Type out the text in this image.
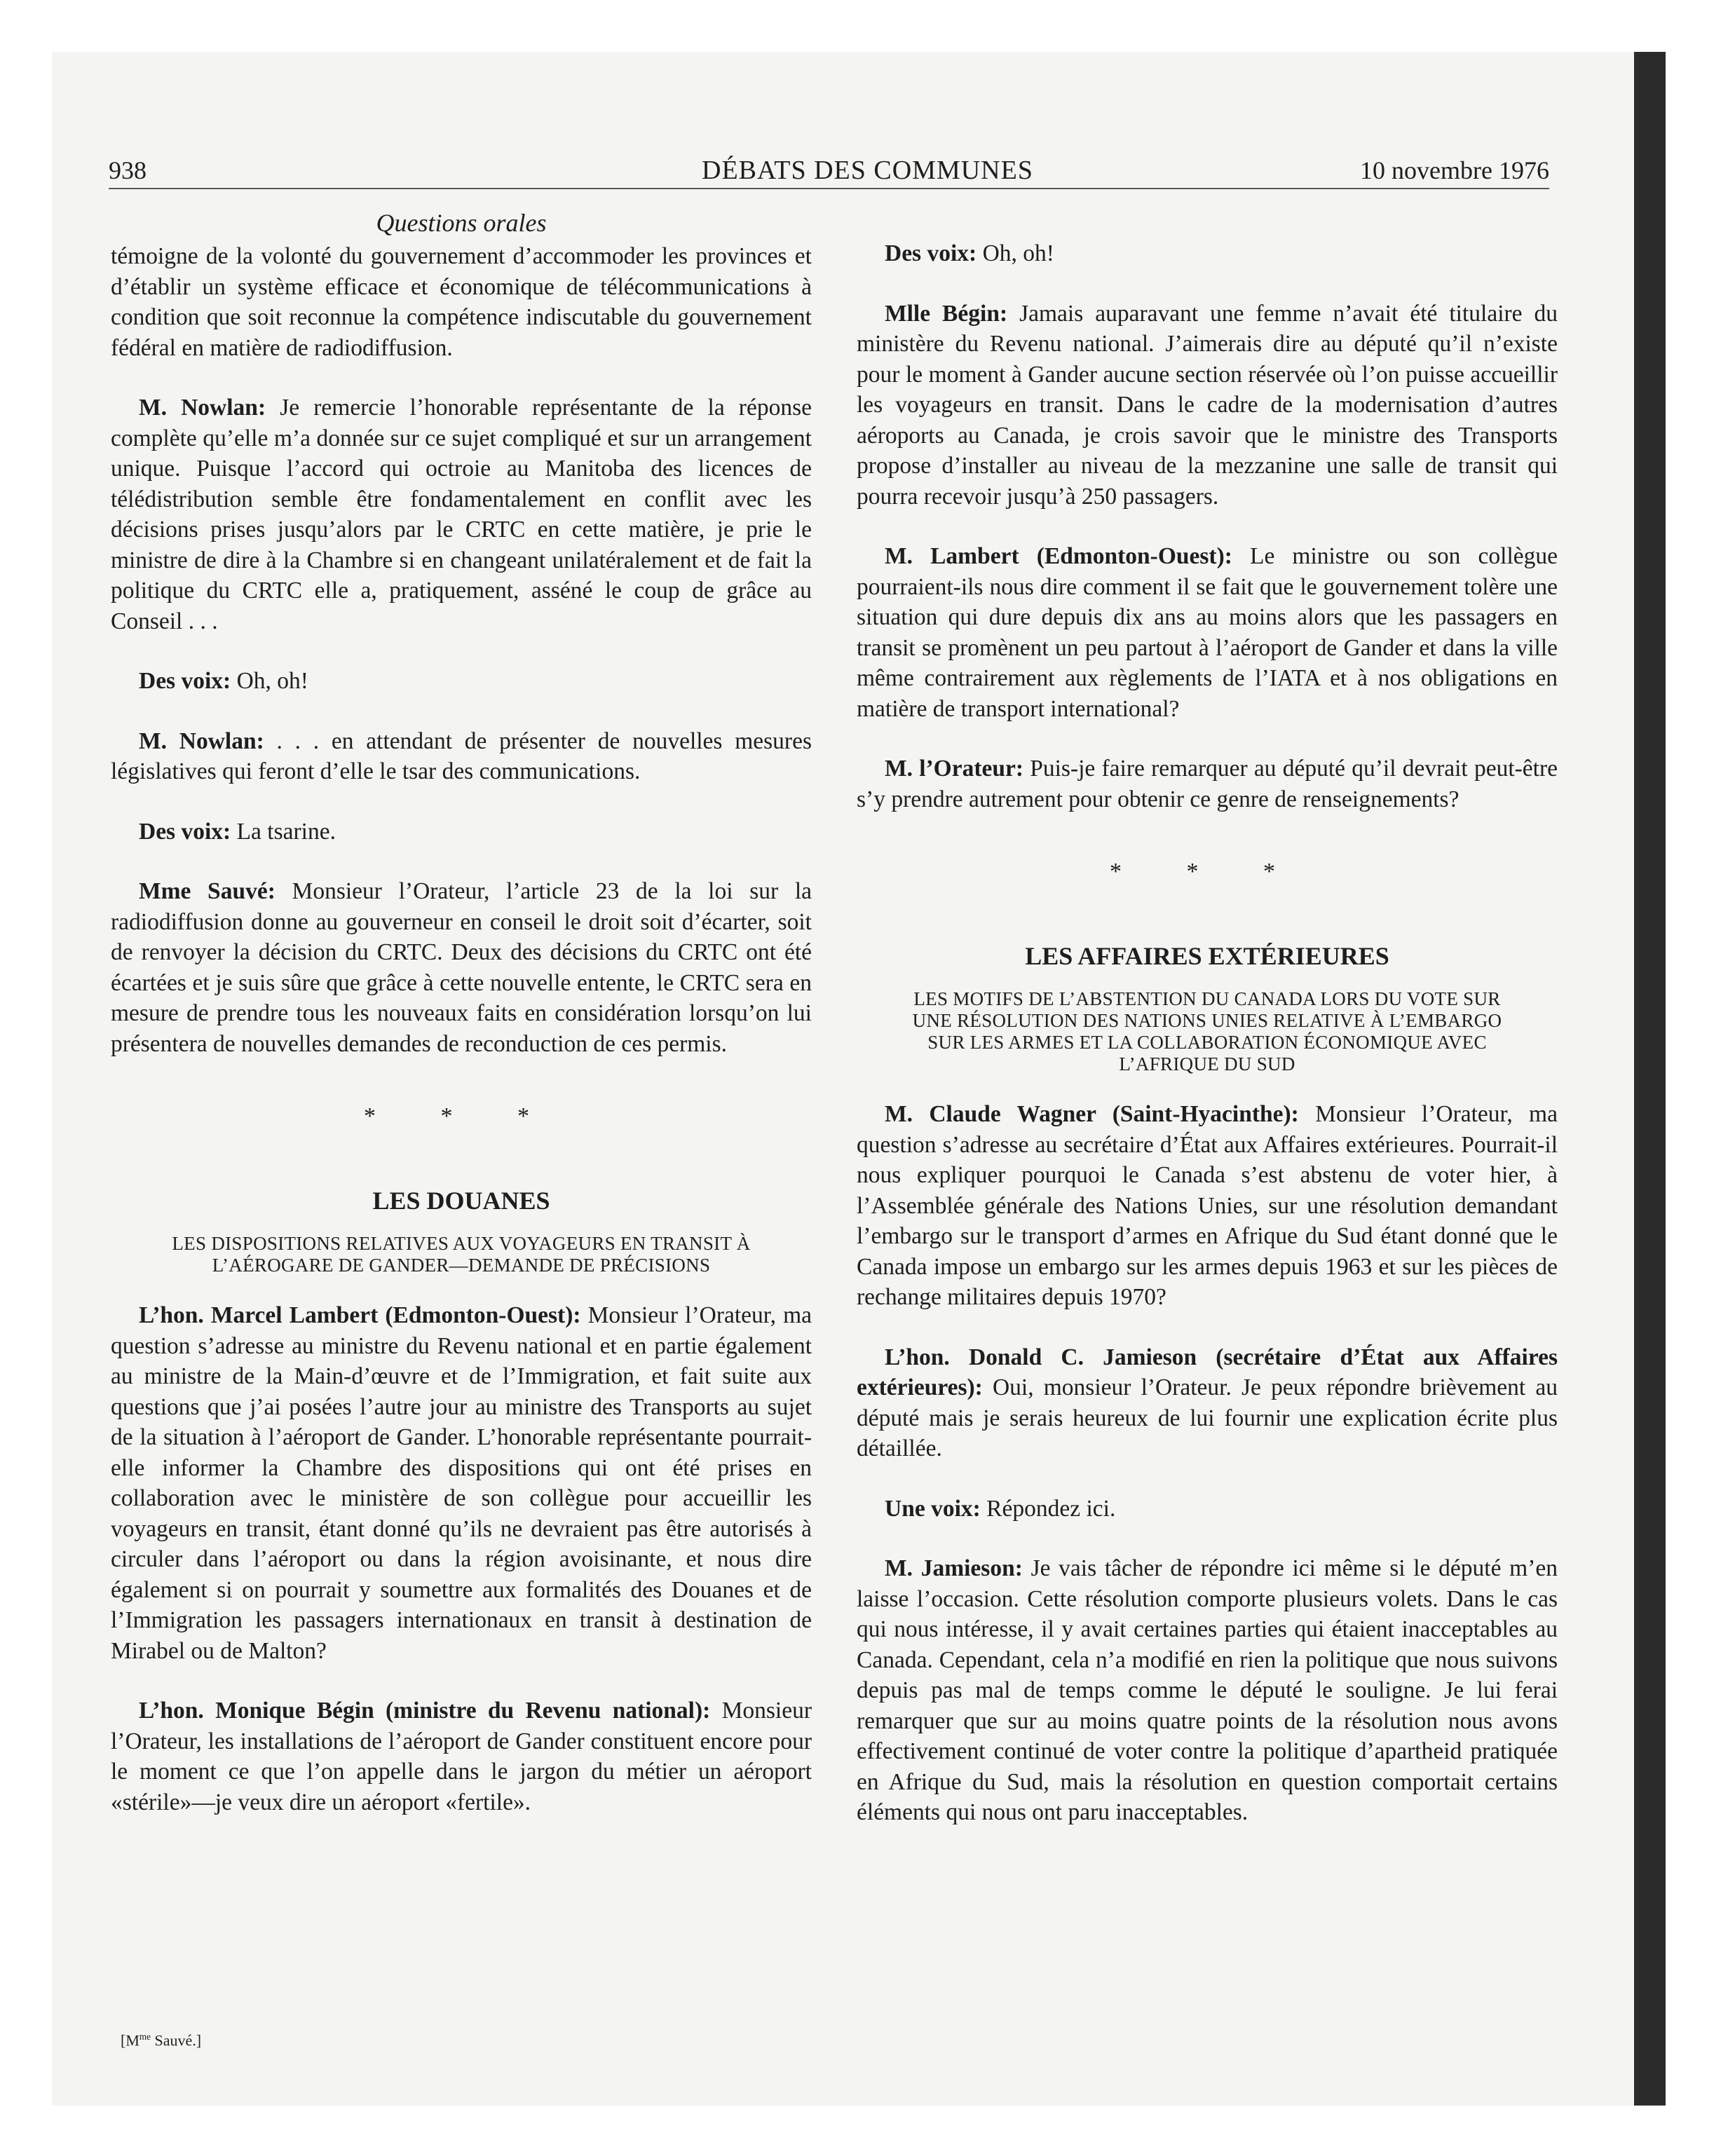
938	DÉBATS DES COMMUNES	10 novembre 1976
Questions orales

témoigne de la volonté du gouvernement d’accommoder les provinces et d’établir un système efficace et économique de télécommunications à condition que soit reconnue la compétence indiscutable du gouvernement fédéral en matière de radiodiffusion.

M. Nowlan: Je remercie l’honorable représentante de la réponse complète qu’elle m’a donnée sur ce sujet compliqué et sur un arrangement unique. Puisque l’accord qui octroie au Manitoba des licences de télédistribution semble être fondamentalement en conflit avec les décisions prises jusqu’alors par le CRTC en cette matière, je prie le ministre de dire à la Chambre si en changeant unilatéralement et de fait la politique du CRTC elle a, pratiquement, asséné le coup de grâce au Conseil . . .

Des voix: Oh, oh!

M. Nowlan: . . . en attendant de présenter de nouvelles mesures législatives qui feront d’elle le tsar des communications.

Des voix: La tsarine.

Mme Sauvé: Monsieur l’Orateur, l’article 23 de la loi sur la radiodiffusion donne au gouverneur en conseil le droit soit d’écarter, soit de renvoyer la décision du CRTC. Deux des décisions du CRTC ont été écartées et je suis sûre que grâce à cette nouvelle entente, le CRTC sera en mesure de prendre tous les nouveaux faits en considération lorsqu’on lui présentera de nouvelles demandes de reconduction de ces permis.

* * *
LES DOUANES
LES DISPOSITIONS RELATIVES AUX VOYAGEURS EN TRANSIT À L’AÉROGARE DE GANDER—DEMANDE DE PRÉCISIONS

L’hon. Marcel Lambert (Edmonton-Ouest): Monsieur l’Orateur, ma question s’adresse au ministre du Revenu national et en partie également au ministre de la Main-d’œuvre et de l’Immigration, et fait suite aux questions que j’ai posées l’autre jour au ministre des Transports au sujet de la situation à l’aéroport de Gander. L’honorable représentante pourrait-elle informer la Chambre des dispositions qui ont été prises en collaboration avec le ministère de son collègue pour accueillir les voyageurs en transit, étant donné qu’ils ne devraient pas être autorisés à circuler dans l’aéroport ou dans la région avoisinante, et nous dire également si on pourrait y soumettre aux formalités des Douanes et de l’Immigration les passagers internationaux en transit à destination de Mirabel ou de Malton?

L’hon. Monique Bégin (ministre du Revenu national): Monsieur l’Orateur, les installations de l’aéroport de Gander constituent encore pour le moment ce que l’on appelle dans le jargon du métier un aéroport «stérile»—je veux dire un aéroport «fertile».

[$M^{me}$ Sauvé.]

Des voix: Oh, oh!

Mlle Bégin: Jamais auparavant une femme n’avait été titulaire du ministère du Revenu national. J’aimerais dire au député qu’il n’existe pour le moment à Gander aucune section réservée où l’on puisse accueillir les voyageurs en transit. Dans le cadre de la modernisation d’autres aéroports au Canada, je crois savoir que le ministre des Transports propose d’installer au niveau de la mezzanine une salle de transit qui pourra recevoir jusqu’à 250 passagers.

M. Lambert (Edmonton-Ouest): Le ministre ou son collègue pourraient-ils nous dire comment il se fait que le gouvernement tolère une situation qui dure depuis dix ans au moins alors que les passagers en transit se promènent un peu partout à l’aéroport de Gander et dans la ville même contrairement aux règlements de l’IATA et à nos obligations en matière de transport international?

M. l’Orateur: Puis-je faire remarquer au député qu’il devrait peut-être s’y prendre autrement pour obtenir ce genre de renseignements?

* * *
LES AFFAIRES EXTÉRIEURES
LES MOTIFS DE L’ABSTENTION DU CANADA LORS DU VOTE SUR UNE RÉSOLUTION DES NATIONS UNIES RELATIVE À L’EMBARGO SUR LES ARMES ET LA COLLABORATION ÉCONOMIQUE AVEC L’AFRIQUE DU SUD

M. Claude Wagner (Saint-Hyacinthe): Monsieur l’Orateur, ma question s’adresse au secrétaire d’État aux Affaires extérieures. Pourrait-il nous expliquer pourquoi le Canada s’est abstenu de voter hier, à l’Assemblée générale des Nations Unies, sur une résolution demandant l’embargo sur le transport d’armes en Afrique du Sud étant donné que le Canada impose un embargo sur les armes depuis 1963 et sur les pièces de rechange militaires depuis 1970?

L’hon. Donald C. Jamieson (secrétaire d’État aux Affaires extérieures): Oui, monsieur l’Orateur. Je peux répondre brièvement au député mais je serais heureux de lui fournir une explication écrite plus détaillée.

Une voix: Répondez ici.

M. Jamieson: Je vais tâcher de répondre ici même si le député m’en laisse l’occasion. Cette résolution comporte plusieurs volets. Dans le cas qui nous intéresse, il y avait certaines parties qui étaient inacceptables au Canada. Cependant, cela n’a modifié en rien la politique que nous suivons depuis pas mal de temps comme le député le souligne. Je lui ferai remarquer que sur au moins quatre points de la résolution nous avons effectivement continué de voter contre la politique d’apartheid pratiquée en Afrique du Sud, mais la résolution en question comportait certains éléments qui nous ont paru inacceptables.
